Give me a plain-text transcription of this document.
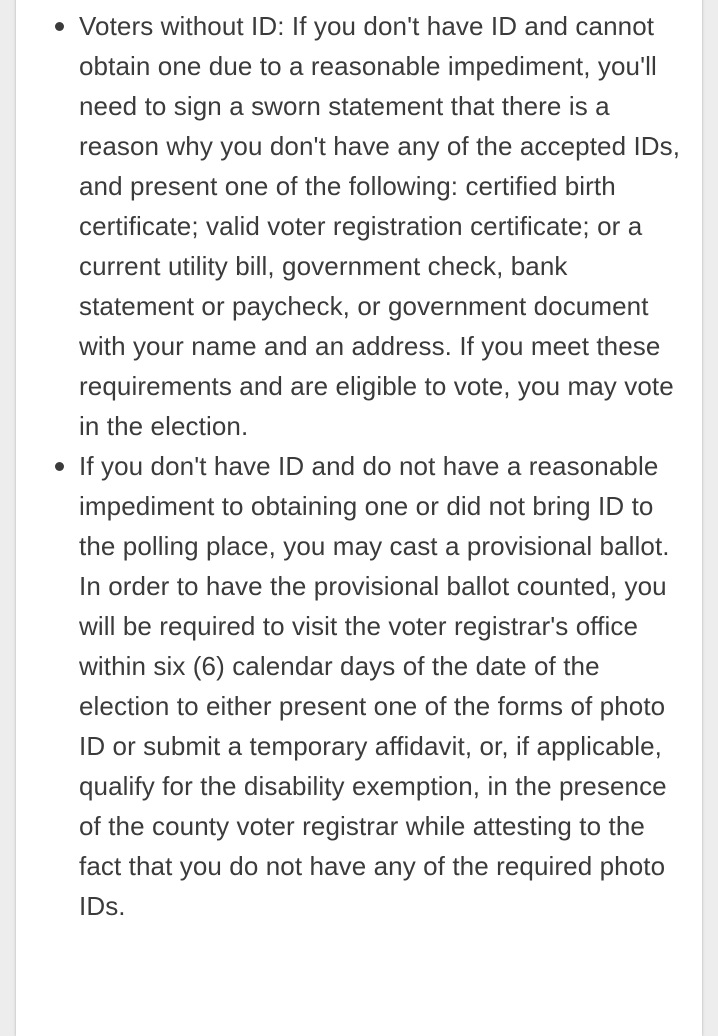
Voters without ID: If you don't have ID and cannot obtain one due to a reasonable impediment, you'll need to sign a sworn statement that there is a reason why you don't have any of the accepted IDs, and present one of the following: certified birth certificate; valid voter registration certificate; or a current utility bill, government check, bank statement or paycheck, or government document with your name and an address. If you meet these requirements and are eligible to vote, you may vote in the election.
If you don't have ID and do not have a reasonable impediment to obtaining one or did not bring ID to the polling place, you may cast a provisional ballot. In order to have the provisional ballot counted, you will be required to visit the voter registrar's office within six (6) calendar days of the date of the election to either present one of the forms of photo ID or submit a temporary affidavit, or, if applicable, qualify for the disability exemption, in the presence of the county voter registrar while attesting to the fact that you do not have any of the required photo IDs.
